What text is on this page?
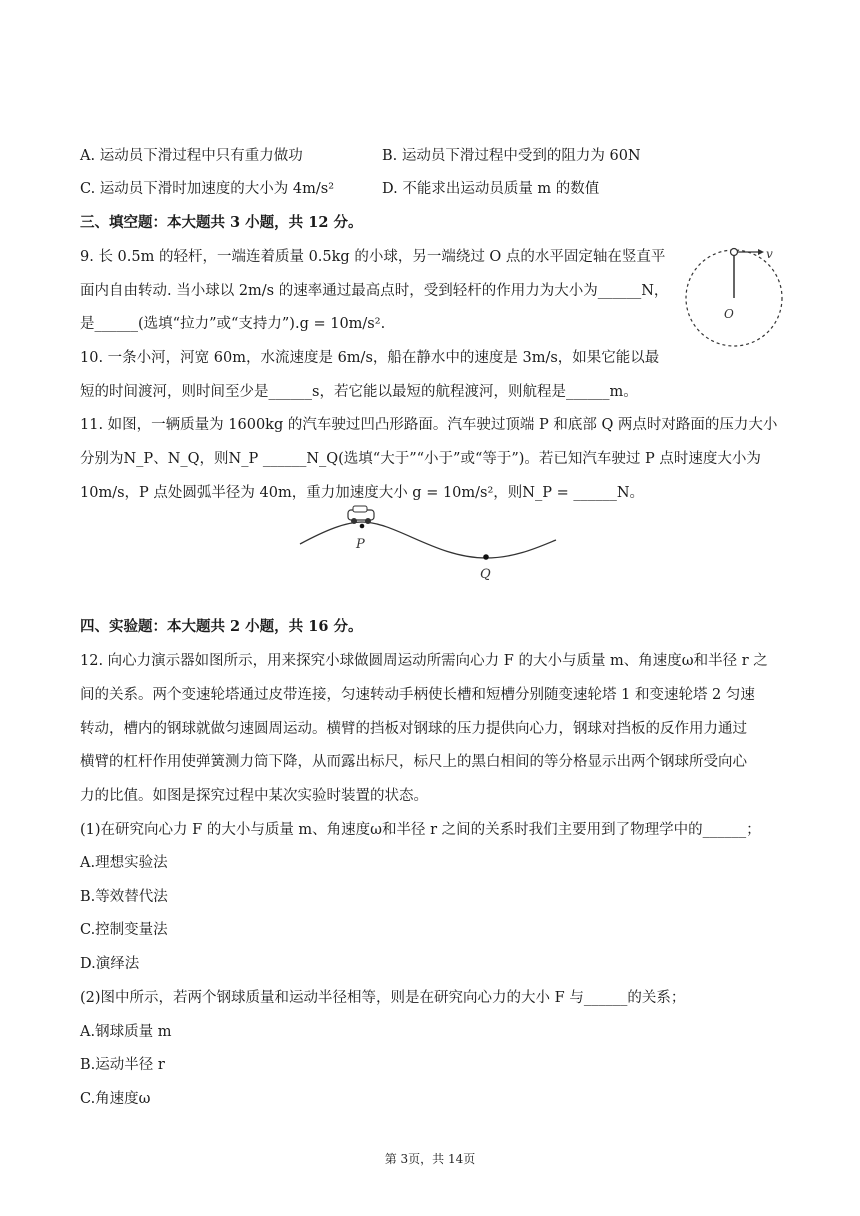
A. 运动员下滑过程中只有重力做功	B. 运动员下滑过程中受到的阻力为 60N
C. 运动员下滑时加速度的大小为 4m/s²	D. 不能求出运动员质量 m 的数值
三、填空题：本大题共 3 小题，共 12 分。
9. 长 0.5m 的轻杆，一端连着质量 0.5kg 的小球，另一端绕过 O 点的水平固定轴在竖直平
面内自由转动. 当小球以 2m/s 的速率通过最高点时，受到轻杆的作用力为大小为______N，
是______(选填“拉力”或“支持力”).g = 10m/s².
v
O
10. 一条小河，河宽 60m，水流速度是 6m/s，船在静水中的速度是 3m/s，如果它能以最
短的时间渡河，则时间至少是______s，若它能以最短的航程渡河，则航程是______m。
11. 如图，一辆质量为 1600kg 的汽车驶过凹凸形路面。汽车驶过顶端 P 和底部 Q 两点时对路面的压力大小
分别为N_P、N_Q，则N_P ______N_Q(选填“大于”“小于”或“等于”)。若已知汽车驶过 P 点时速度大小为
10m/s，P 点处圆弧半径为 40m，重力加速度大小 g = 10m/s²，则N_P = ______N。
P
Q
四、实验题：本大题共 2 小题，共 16 分。
12. 向心力演示器如图所示，用来探究小球做圆周运动所需向心力 F 的大小与质量 m、角速度ω和半径 r 之
间的关系。两个变速轮塔通过皮带连接，匀速转动手柄使长槽和短槽分别随变速轮塔 1 和变速轮塔 2 匀速
转动，槽内的钢球就做匀速圆周运动。横臂的挡板对钢球的压力提供向心力，钢球对挡板的反作用力通过
横臂的杠杆作用使弹簧测力筒下降，从而露出标尺，标尺上的黑白相间的等分格显示出两个钢球所受向心
力的比值。如图是探究过程中某次实验时装置的状态。
(1)在研究向心力 F 的大小与质量 m、角速度ω和半径 r 之间的关系时我们主要用到了物理学中的______；
A.理想实验法
B.等效替代法
C.控制变量法
D.演绎法
(2)图中所示，若两个钢球质量和运动半径相等，则是在研究向心力的大小 F 与______的关系；
A.钢球质量 m
B.运动半径 r
C.角速度ω
第 3页，共 14页
